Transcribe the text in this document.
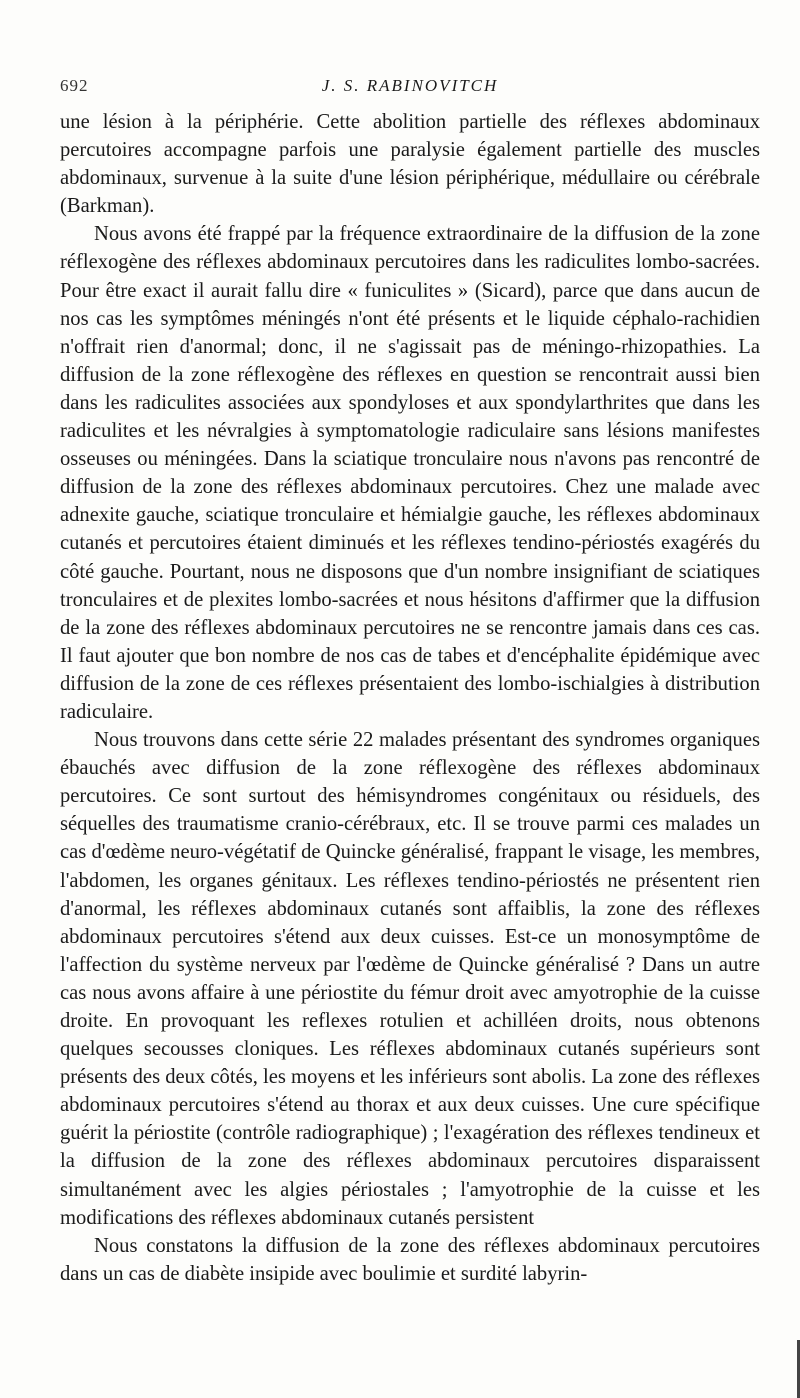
692	J. S. RABINOVITCH

une lésion à la périphérie. Cette abolition partielle des réflexes abdominaux percutoires accompagne parfois une paralysie également partielle des muscles abdominaux, survenue à la suite d'une lésion périphérique, médullaire ou cérébrale (Barkman).

Nous avons été frappé par la fréquence extraordinaire de la diffusion de la zone réflexogène des réflexes abdominaux percutoires dans les radiculites lombo-sacrées. Pour être exact il aurait fallu dire « funiculites » (Sicard), parce que dans aucun de nos cas les symptômes méningés n'ont été présents et le liquide céphalo-rachidien n'offrait rien d'anormal; donc, il ne s'agissait pas de méningo-rhizopathies. La diffusion de la zone réflexogène des réflexes en question se rencontrait aussi bien dans les radiculites associées aux spondyloses et aux spondylarthrites que dans les radiculites et les névralgies à symptomatologie radiculaire sans lésions manifestes osseuses ou méningées. Dans la sciatique tronculaire nous n'avons pas rencontré de diffusion de la zone des réflexes abdominaux percutoires. Chez une malade avec adnexite gauche, sciatique tronculaire et hémialgie gauche, les réflexes abdominaux cutanés et percutoires étaient diminués et les réflexes tendino-périostés exagérés du côté gauche. Pourtant, nous ne disposons que d'un nombre insignifiant de sciatiques tronculaires et de plexites lombo-sacrées et nous hésitons d'affirmer que la diffusion de la zone des réflexes abdominaux percutoires ne se rencontre jamais dans ces cas. Il faut ajouter que bon nombre de nos cas de tabes et d'encéphalite épidémique avec diffusion de la zone de ces réflexes présentaient des lombo-ischialgies à distribution radiculaire.

Nous trouvons dans cette série 22 malades présentant des syndromes organiques ébauchés avec diffusion de la zone réflexogène des réflexes abdominaux percutoires. Ce sont surtout des hémisyndromes congénitaux ou résiduels, des séquelles des traumatisme cranio-cérébraux, etc. Il se trouve parmi ces malades un cas d'œdème neuro-végétatif de Quincke généralisé, frappant le visage, les membres, l'abdomen, les organes génitaux. Les réflexes tendino-périostés ne présentent rien d'anormal, les réflexes abdominaux cutanés sont affaiblis, la zone des réflexes abdominaux percutoires s'étend aux deux cuisses. Est-ce un monosymptôme de l'affection du système nerveux par l'œdème de Quincke généralisé ? Dans un autre cas nous avons affaire à une périostite du fémur droit avec amyotrophie de la cuisse droite. En provoquant les reflexes rotulien et achilléen droits, nous obtenons quelques secousses cloniques. Les réflexes abdominaux cutanés supérieurs sont présents des deux côtés, les moyens et les inférieurs sont abolis. La zone des réflexes abdominaux percutoires s'étend au thorax et aux deux cuisses. Une cure spécifique guérit la périostite (contrôle radiographique) ; l'exagération des réflexes tendineux et la diffusion de la zone des réflexes abdominaux percutoires disparaissent simultanément avec les algies périostales ; l'amyotrophie de la cuisse et les modifications des réflexes abdominaux cutanés persistent

Nous constatons la diffusion de la zone des réflexes abdominaux percutoires dans un cas de diabète insipide avec boulimie et surdité labyrin-
